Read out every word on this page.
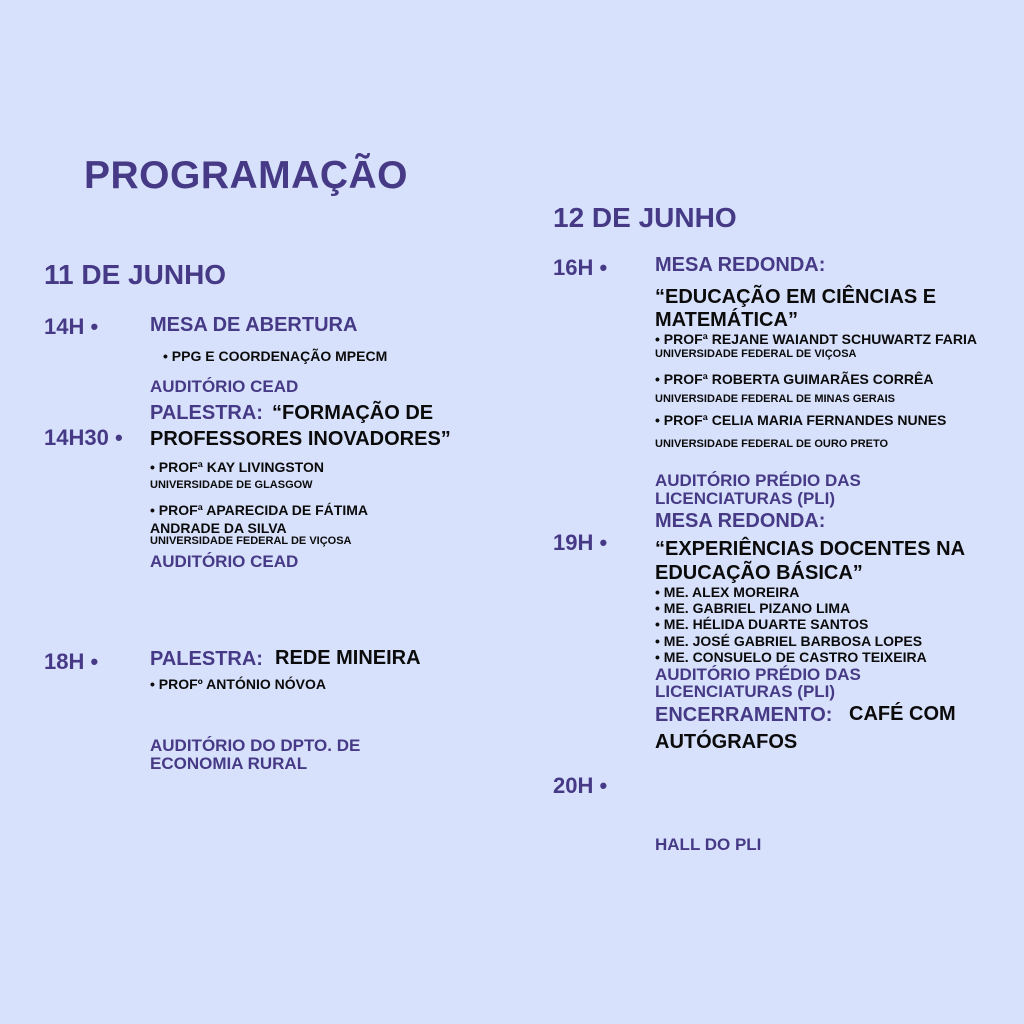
PROGRAMAÇÃO
11 DE JUNHO
14H •	MESA DE ABERTURA
• PPG E COORDENAÇÃO MPECM
AUDITÓRIO CEAD
PALESTRA: “FORMAÇÃO DE
PROFESSORES INOVADORES”
14H30 •
• PROFª KAY LIVINGSTON
UNIVERSIDADE DE GLASGOW
• PROFª APARECIDA DE FÁTIMA
ANDRADE DA SILVA
UNIVERSIDADE FEDERAL DE VIÇOSA
AUDITÓRIO CEAD
18H •	PALESTRA: REDE MINEIRA
• PROFº ANTÓNIO NÓVOA
AUDITÓRIO DO DPTO. DE
ECONOMIA RURAL
12 DE JUNHO
16H • MESA REDONDA:
“EDUCAÇÃO EM CIÊNCIAS E
MATEMÁTICA”
• PROFª REJANE WAIANDT SCHUWARTZ FARIA
UNIVERSIDADE FEDERAL DE VIÇOSA
• PROFª ROBERTA GUIMARÃES CORRÊA
UNIVERSIDADE FEDERAL DE MINAS GERAIS
• PROFª CELIA MARIA FERNANDES NUNES
UNIVERSIDADE FEDERAL DE OURO PRETO
AUDITÓRIO PRÉDIO DAS
LICENCIATURAS (PLI)
MESA REDONDA:
19H • “EXPERIÊNCIAS DOCENTES NA
EDUCAÇÃO BÁSICA”
• ME. ALEX MOREIRA
• ME. GABRIEL PIZANO LIMA
• ME. HÉLIDA DUARTE SANTOS
• ME. JOSÉ GABRIEL BARBOSA LOPES
• ME. CONSUELO DE CASTRO TEIXEIRA
AUDITÓRIO PRÉDIO DAS
LICENCIATURAS (PLI)
ENCERRAMENTO: CAFÉ COM
AUTÓGRAFOS
20H •
HALL DO PLI
